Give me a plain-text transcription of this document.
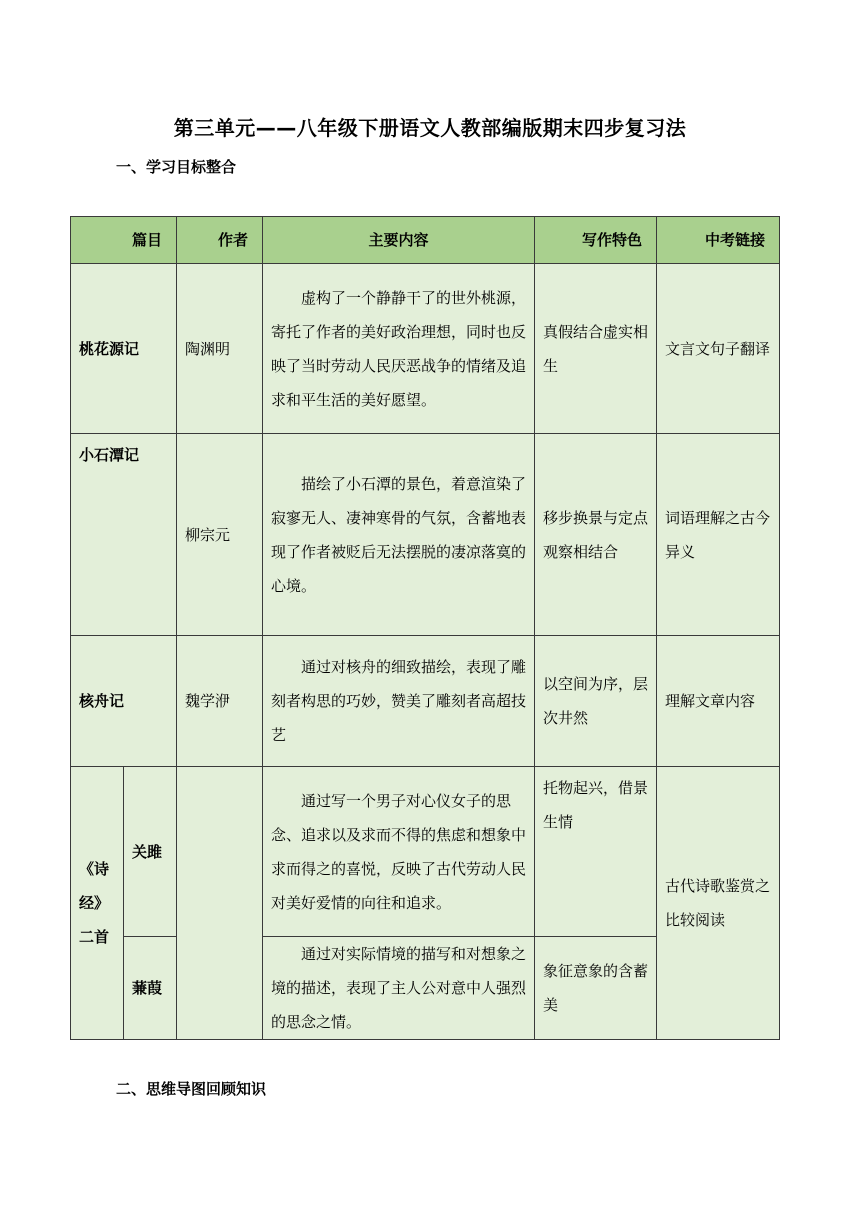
第三单元——八年级下册语文人教部编版期末四步复习法
一、学习目标整合
篇目		作者	主要内容	写作特色	中考链接
桃花源记		陶渊明	虚构了一个静静干了的世外桃源，寄托了作者的美好政治理想，同时也反映了当时劳动人民厌恶战争的情绪及追求和平生活的美好愿望。	真假结合虚实相生	文言文句子翻译
小石潭记		柳宗元	描绘了小石潭的景色，着意渲染了寂寥无人、凄神寒骨的气氛，含蓄地表现了作者被贬后无法摆脱的凄凉落寞的心境。	移步换景与定点观察相结合	词语理解之古今异义
核舟记		魏学洢	通过对核舟的细致描绘，表现了雕刻者构思的巧妙，赞美了雕刻者高超技艺	以空间为序，层次井然	理解文章内容
《诗经》二首	关雎		通过写一个男子对心仪女子的思念、追求以及求而不得的焦虑和想象中求而得之的喜悦，反映了古代劳动人民对美好爱情的向往和追求。	托物起兴，借景生情	古代诗歌鉴赏之比较阅读
	蒹葭		通过对实际情境的描写和对想象之境的描述，表现了主人公对意中人强烈的思念之情。	象征意象的含蓄美	
二、思维导图回顾知识
